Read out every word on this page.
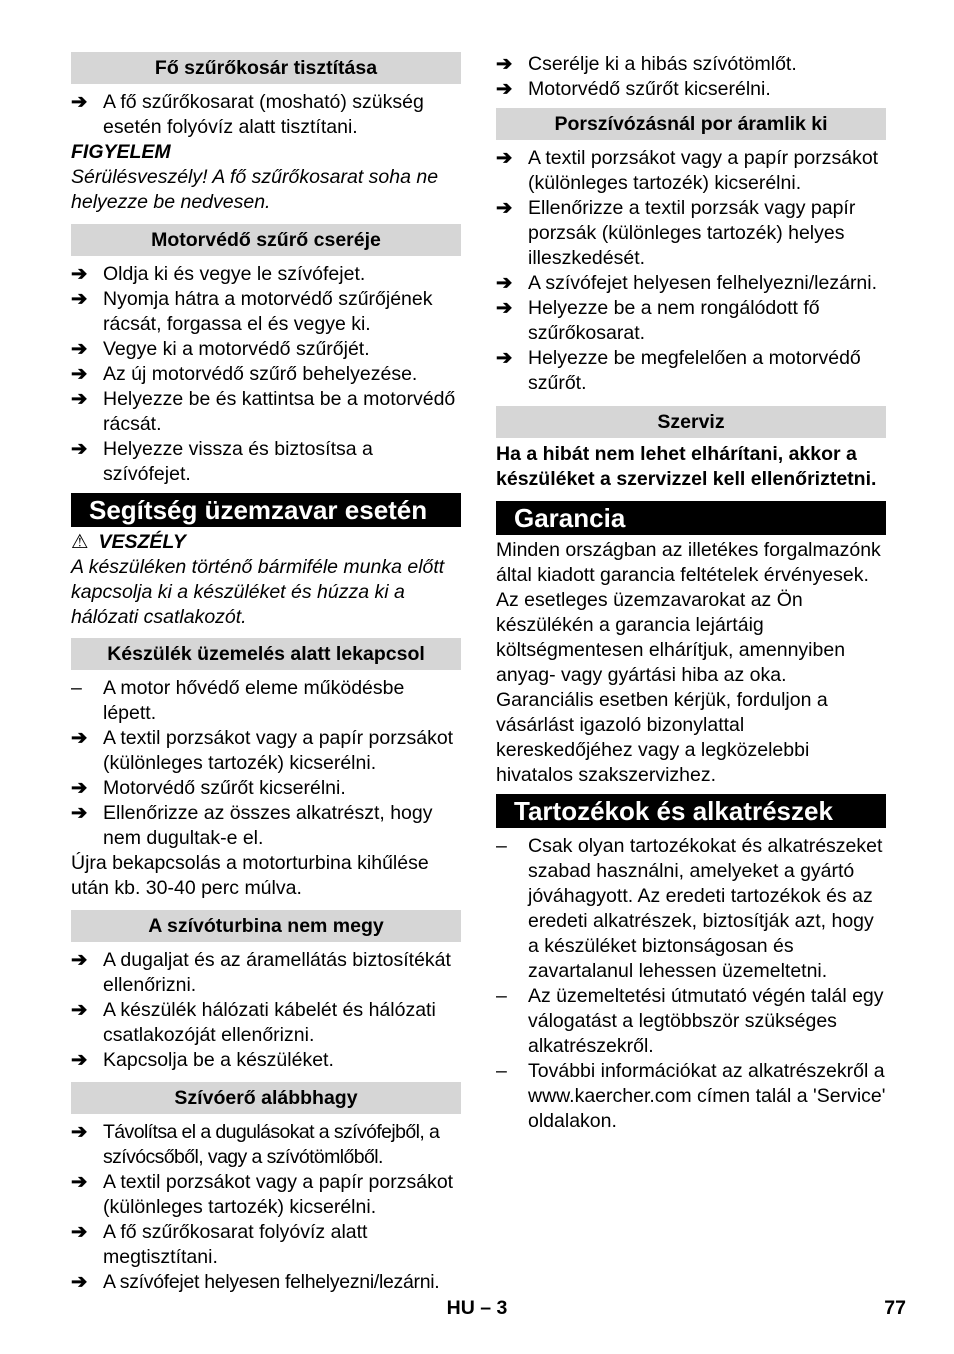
Fő szűrőkosár tisztítása
➔ A fő szűrőkosarat (mosható) szükség esetén folyóvíz alatt tisztítani.
FIGYELEM
Sérülésveszély! A fő szűrőkosarat soha ne helyezze be nedvesen.
Motorvédő szűrő cseréje
➔ Oldja ki és vegye le szívófejet.
➔ Nyomja hátra a motorvédő szűrőjének rácsát, forgassa el és vegye ki.
➔ Vegye ki a motorvédő szűrőjét.
➔ Az új motorvédő szűrő behelyezése.
➔ Helyezze be és kattintsa be a motorvédő rácsát.
➔ Helyezze vissza és biztosítsa a szívófejet.
Segítség üzemzavar esetén
⚠ VESZÉLY
A készüléken történő bármiféle munka előtt kapcsolja ki a készüléket és húzza ki a hálózati csatlakozót.
Készülék üzemelés alatt lekapcsol
–	A motor hővédő eleme működésbe lépett.
➔ A textil porzsákot vagy a papír porzsákot (különleges tartozék) kicserélni.
➔ Motorvédő szűrőt kicserélni.
➔ Ellenőrizze az összes alkatrészt, hogy nem dugultak-e el.
Újra bekapcsolás a motorturbina kihűlése után kb. 30-40 perc múlva.
A szívóturbina nem megy
➔ A dugaljat és az áramellátás biztosítékát ellenőrizni.
➔ A készülék hálózati kábelét és hálózati csatlakozóját ellenőrizni.
➔ Kapcsolja be a készüléket.
Szívóerő alábbhagy
➔ Távolítsa el a dugulásokat a szívófejből, a szívócsőből, vagy a szívótömlőből.
➔ A textil porzsákot vagy a papír porzsákot (különleges tartozék) kicserélni.
➔ A fő szűrőkosarat folyóvíz alatt megtisztítani.
➔ A szívófejet helyesen felhelyezni/lezárni.
➔ Cserélje ki a hibás szívótömlőt.
➔ Motorvédő szűrőt kicserélni.
Porszívózásnál por áramlik ki
➔ A textil porzsákot vagy a papír porzsákot (különleges tartozék) kicserélni.
➔ Ellenőrizze a textil porzsák vagy papír porzsák (különleges tartozék) helyes illeszkedését.
➔ A szívófejet helyesen felhelyezni/lezárni.
➔ Helyezze be a nem rongálódott fő szűrőkosarat.
➔ Helyezze be megfelelően a motorvédő szűrőt.
Szerviz
Ha a hibát nem lehet elhárítani, akkor a készüléket a szervizzel kell ellenőriztetni.
Garancia
Minden országban az illetékes forgalmazónk által kiadott garancia feltételek érvényesek. Az esetleges üzemzavarokat az Ön készülékén a garancia lejártáig költségmentesen elhárítjuk, amennyiben anyag- vagy gyártási hiba az oka. Garanciális esetben kérjük, forduljon a vásárlást igazoló bizonylattal kereskedőjéhez vagy a legközelebbi hivatalos szakszervizhez.
Tartozékok és alkatrészek
–	Csak olyan tartozékokat és alkatrészeket szabad használni, amelyeket a gyártó jóváhagyott. Az eredeti tartozékok és az eredeti alkatrészek, biztosítják azt, hogy a készüléket biztonságosan és zavartalanul lehessen üzemeltetni.
–	Az üzemeltetési útmutató végén talál egy válogatást a legtöbbször szükséges alkatrészekről.
–	További információkat az alkatrészekről a www.kaercher.com címen talál a 'Service' oldalakon.
HU – 3	77
